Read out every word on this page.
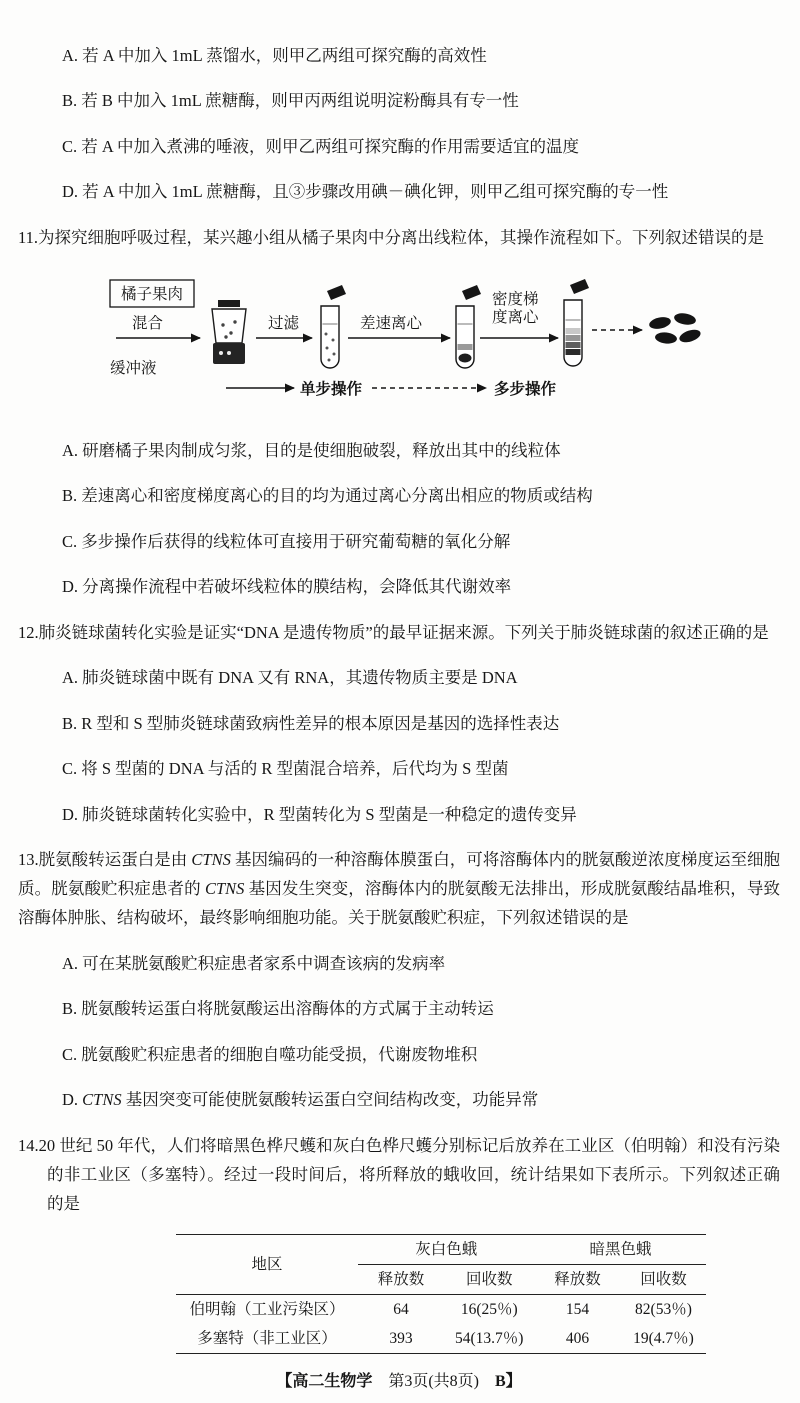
A. 若 A 中加入 1mL 蒸馏水，则甲乙两组可探究酶的高效性

B. 若 B 中加入 1mL 蔗糖酶，则甲丙两组说明淀粉酶具有专一性

C. 若 A 中加入煮沸的唾液，则甲乙两组可探究酶的作用需要适宜的温度

D. 若 A 中加入 1mL 蔗糖酶，且③步骤改用碘－碘化钾，则甲乙组可探究酶的专一性

11.为探究细胞呼吸过程，某兴趣小组从橘子果肉中分离出线粒体，其操作流程如下。下列叙述错误的是

橘子果肉
混合
缓冲液
过滤	差速离心
密度梯
度离心
单步操作	多步操作

A. 研磨橘子果肉制成匀浆，目的是使细胞破裂，释放出其中的线粒体

B. 差速离心和密度梯度离心的目的均为通过离心分离出相应的物质或结构

C. 多步操作后获得的线粒体可直接用于研究葡萄糖的氧化分解

D. 分离操作流程中若破坏线粒体的膜结构，会降低其代谢效率

12.肺炎链球菌转化实验是证实“DNA 是遗传物质”的最早证据来源。下列关于肺炎链球菌的叙述正确的是

A. 肺炎链球菌中既有 DNA 又有 RNA，其遗传物质主要是 DNA

B. R 型和 S 型肺炎链球菌致病性差异的根本原因是基因的选择性表达

C. 将 S 型菌的 DNA 与活的 R 型菌混合培养，后代均为 S 型菌

D. 肺炎链球菌转化实验中，R 型菌转化为 S 型菌是一种稳定的遗传变异

13.胱氨酸转运蛋白是由 CTNS 基因编码的一种溶酶体膜蛋白，可将溶酶体内的胱氨酸逆浓度梯度运至细胞质。胱氨酸贮积症患者的 CTNS 基因发生突变，溶酶体内的胱氨酸无法排出，形成胱氨酸结晶堆积，导致溶酶体肿胀、结构破坏，最终影响细胞功能。关于胱氨酸贮积症，下列叙述错误的是

A. 可在某胱氨酸贮积症患者家系中调查该病的发病率

B. 胱氨酸转运蛋白将胱氨酸运出溶酶体的方式属于主动转运

C. 胱氨酸贮积症患者的细胞自噬功能受损，代谢废物堆积

D. CTNS 基因突变可能使胱氨酸转运蛋白空间结构改变，功能异常

14.20 世纪 50 年代，人们将暗黑色桦尺蠖和灰白色桦尺蠖分别标记后放养在工业区（伯明翰）和没有污染的非工业区（多塞特）。经过一段时间后，将所释放的蛾收回，统计结果如下表所示。下列叙述正确的是

地区	灰白色蛾		暗黑色蛾	
	释放数	回收数	释放数	回收数
伯明翰（工业污染区）	64	16(25％)	154	82(53％)
多塞特（非工业区）	393	54(13.7％)	406	19(4.7％)
【高二生物学 第3页(共8页) B】
